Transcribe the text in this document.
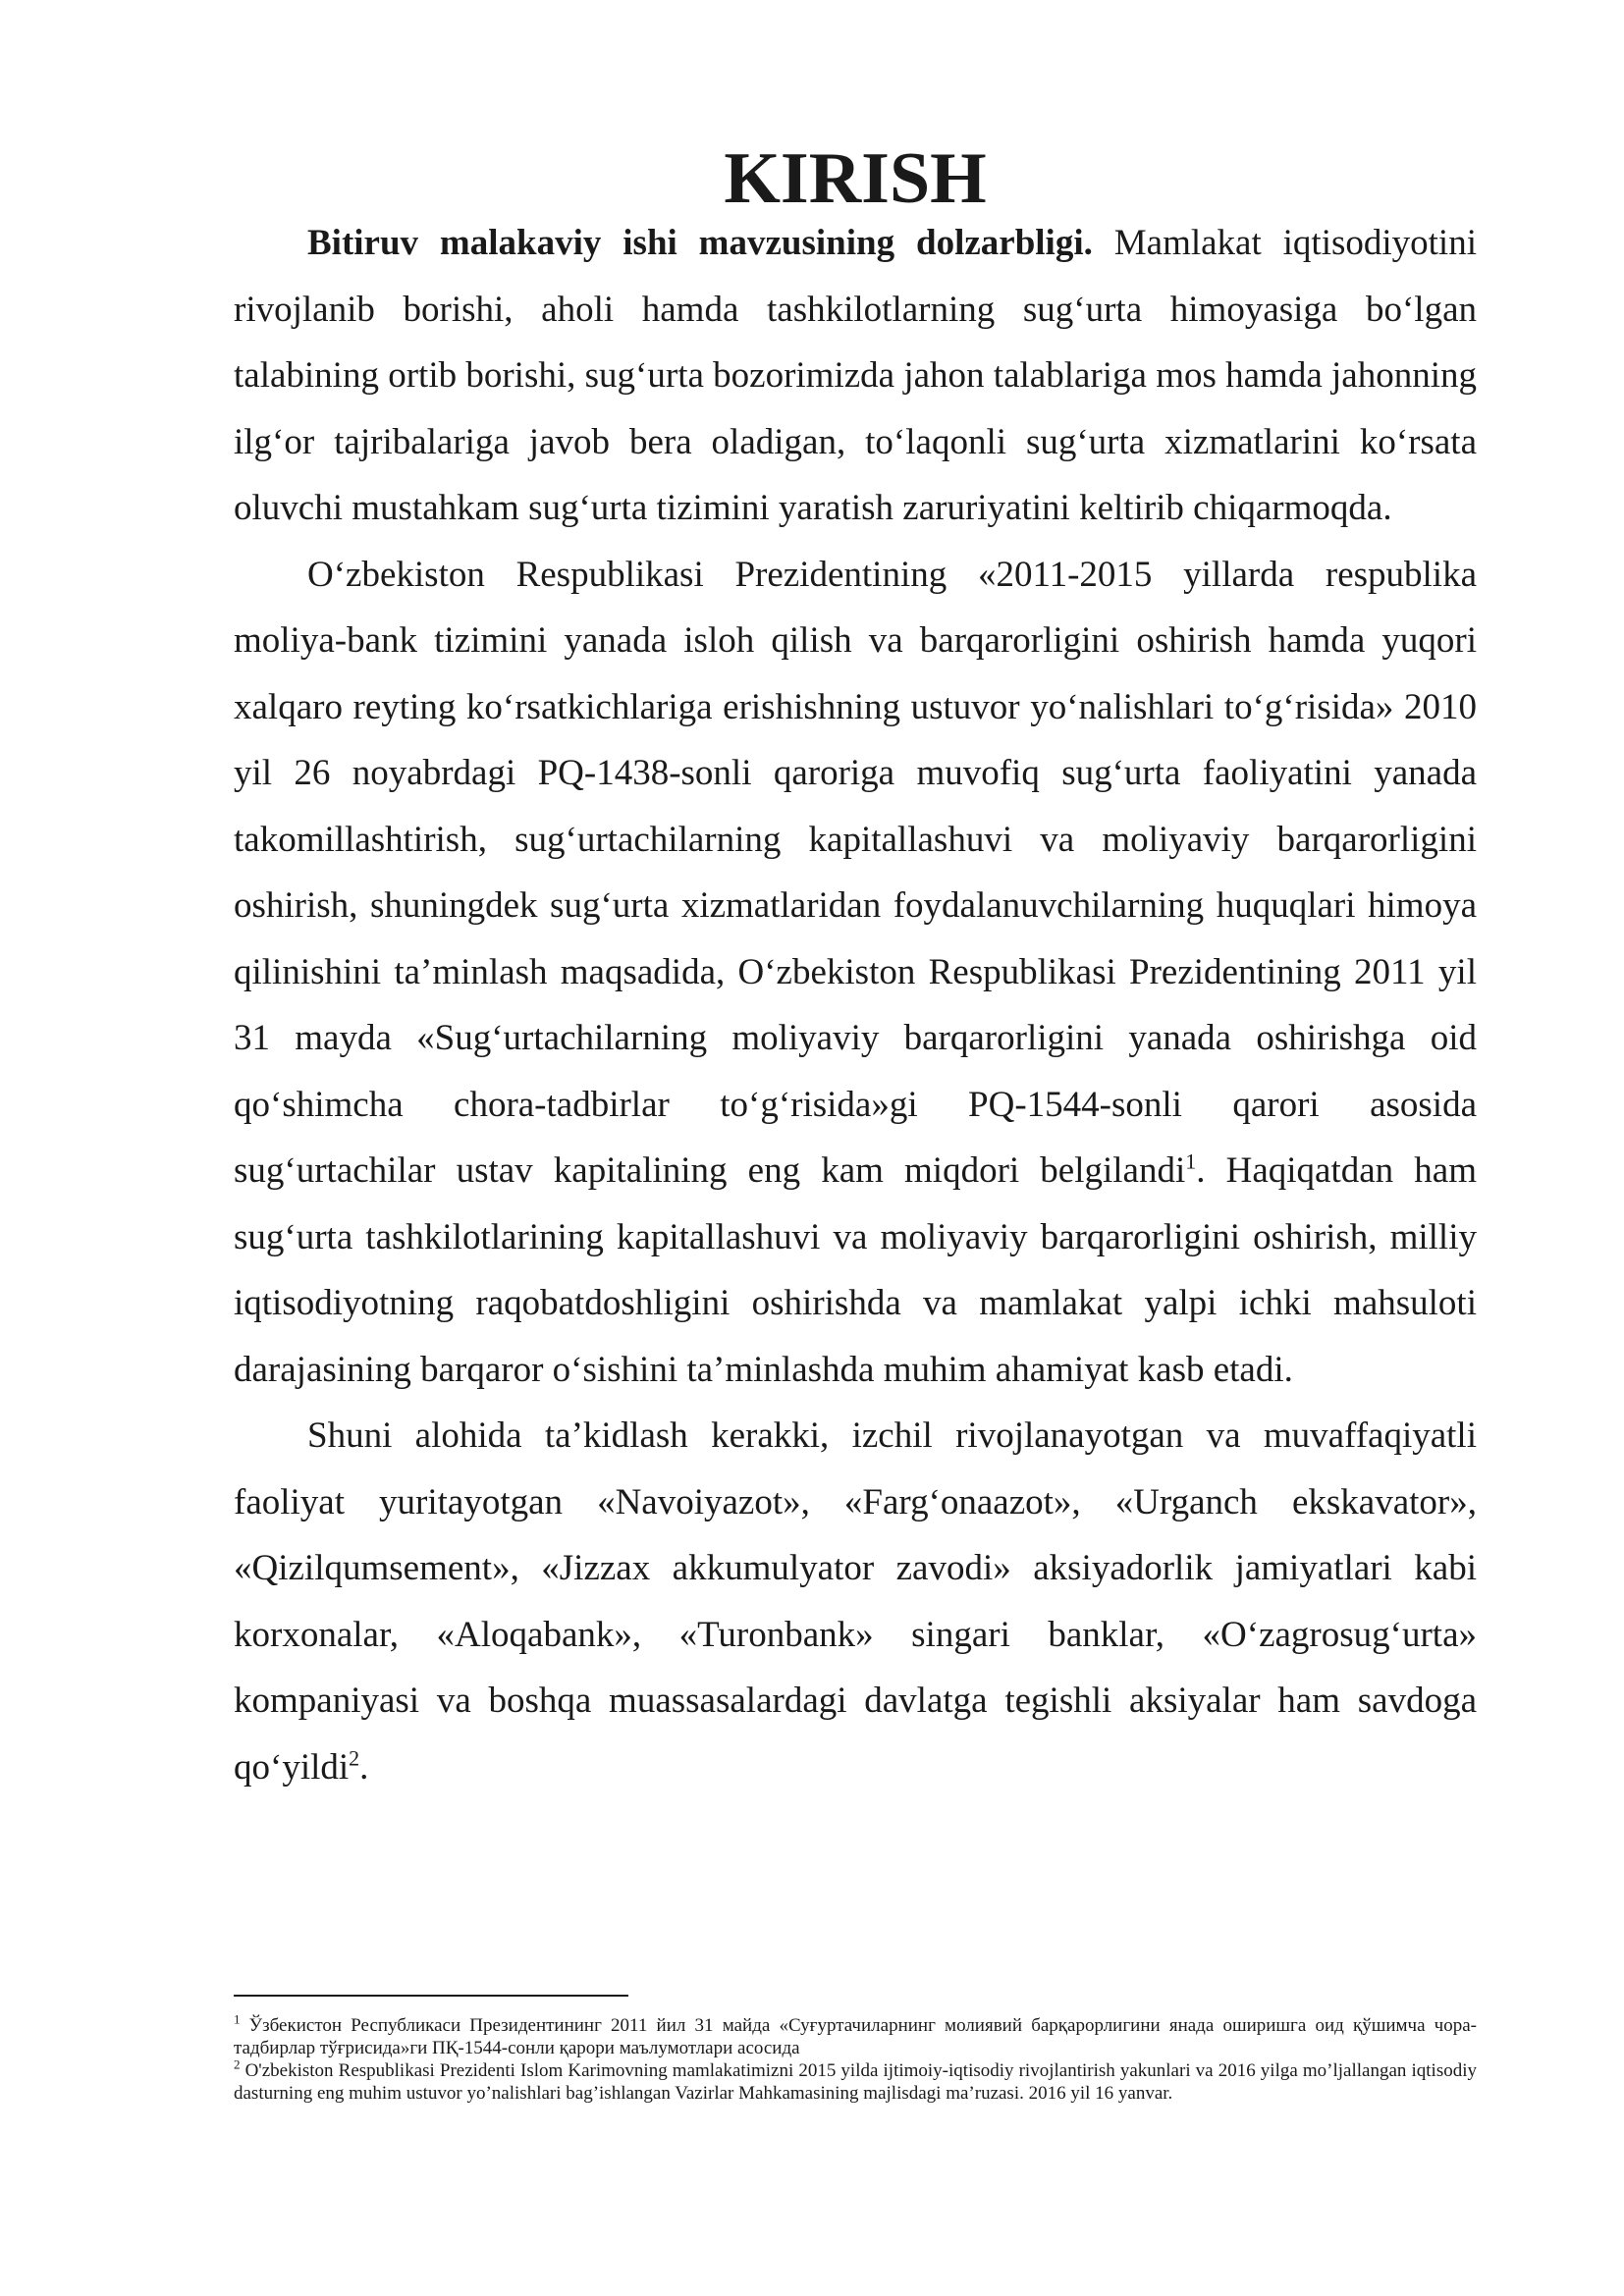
KIRISH

Bitiruv malakaviy ishi mavzusining dolzarbligi. Mamlakat iqtisodiyotini rivojlanib borishi, aholi hamda tashkilotlarning sug‘urta himoyasiga bo‘lgan talabining ortib borishi, sug‘urta bozorimizda jahon talablariga mos hamda jahonning ilg‘or tajribalariga javob bera oladigan, to‘laqonli sug‘urta xizmatlarini ko‘rsata oluvchi mustahkam sug‘urta tizimini yaratish zaruriyatini keltirib chiqarmoqda.

O‘zbekiston Respublikasi Prezidentining «2011-2015 yillarda respublika moliya-bank tizimini yanada isloh qilish va barqarorligini oshirish hamda yuqori xalqaro reyting ko‘rsatkichlariga erishishning ustuvor yo‘nalishlari to‘g‘risida» 2010 yil 26 noyabrdagi PQ-1438-sonli qaroriga muvofiq sug‘urta faoliyatini yanada takomillashtirish, sug‘urtachilarning kapitallashuvi va moliyaviy barqarorligini oshirish, shuningdek sug‘urta xizmatlaridan foydalanuvchilarning huquqlari himoya qilinishini ta’minlash maqsadida, O‘zbekiston Respublikasi Prezidentining 2011 yil 31 mayda «Sug‘urtachilarning moliyaviy barqarorligini yanada oshirishga oid qo‘shimcha chora-tadbirlar to‘g‘risida»gi PQ-1544-sonli qarori asosida sug‘urtachilar ustav kapitalining eng kam miqdori belgilandi$^1$. Haqiqatdan ham sug‘urta tashkilotlarining kapitallashuvi va moliyaviy barqarorligini oshirish, milliy iqtisodiyotning raqobatdoshligini oshirishda va mamlakat yalpi ichki mahsuloti darajasining barqaror o‘sishini ta’minlashda muhim ahamiyat kasb etadi.

Shuni alohida ta’kidlash kerakki, izchil rivojlanayotgan va muvaffaqiyatli faoliyat yuritayotgan «Navoiyazot», «Farg‘onaazot», «Urganch ekskavator», «Qizilqumsement», «Jizzax akkumulyator zavodi» aksiyadorlik jamiyatlari kabi korxonalar, «Aloqabank», «Turonbank» singari banklar, «O‘zagrosug‘urta» kompaniyasi va boshqa muassasalardagi davlatga tegishli aksiyalar ham savdoga qo‘yildi$^2$.

$^1$ Ўзбекистон Республикаси Президентининг 2011 йил 31 майда «Суғуртачиларнинг молиявий барқарорлигини янада оширишга оид қўшимча чора-тадбирлар тўғрисида»ги ПҚ-1544-сонли қарори маълумотлари асосида

$^2$ O'zbekiston Respublikasi Prezidenti Islom Karimovning mamlakatimizni 2015 yilda ijtimoiy-iqtisodiy rivojlantirish yakunlari va 2016 yilga mo’ljallangan iqtisodiy dasturning eng muhim ustuvor yo’nalishlari bag’ishlangan Vazirlar Mahkamasining majlisdagi ma’ruzasi. 2016 yil 16 yanvar.
